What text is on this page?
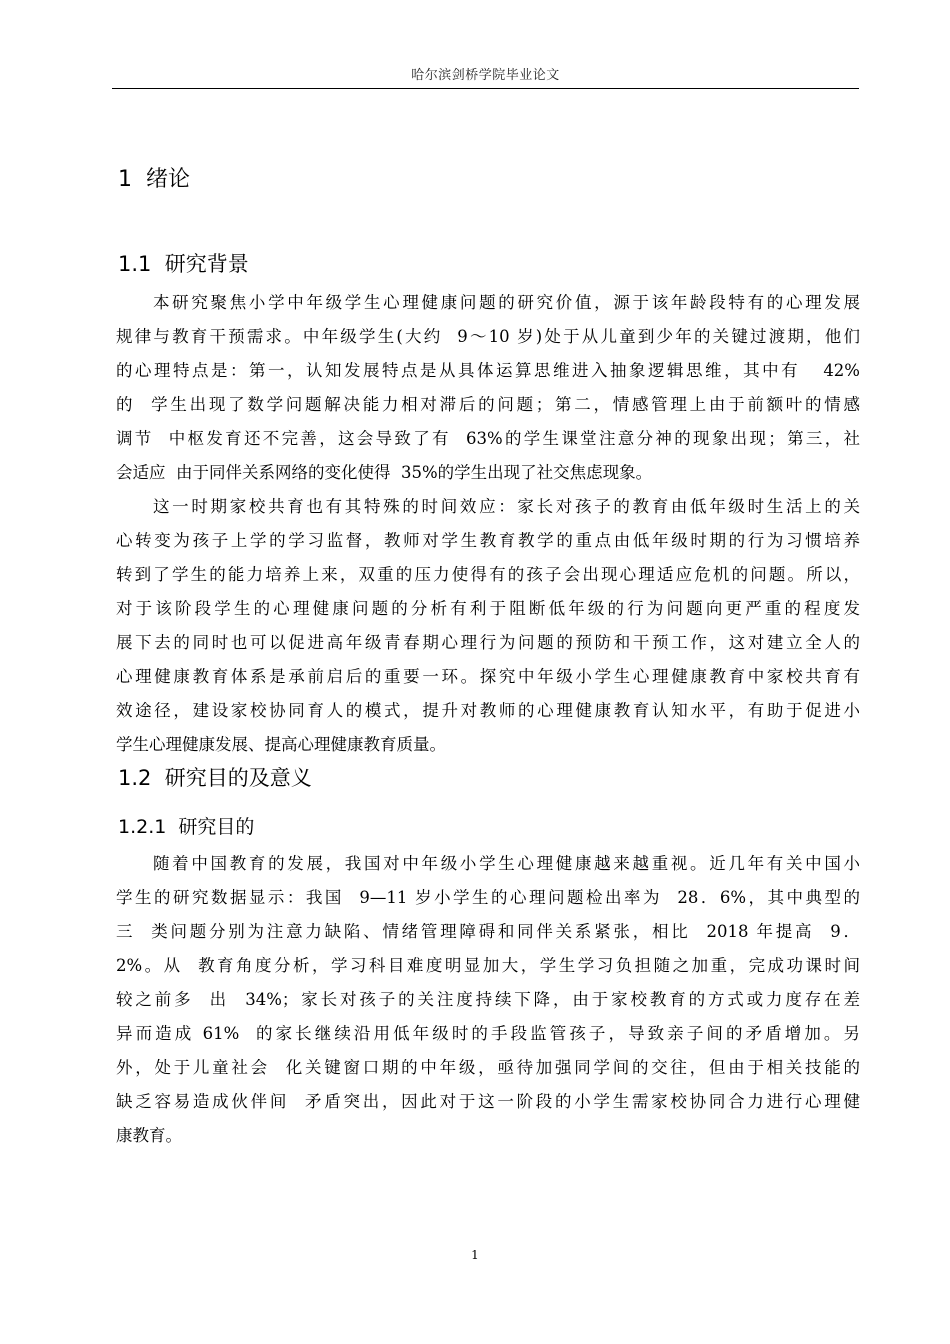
哈尔滨剑桥学院毕业论文
1  绪论
1.1  研究背景
本研究聚焦小学中年级学生心理健康问题的研究价值，源于该年龄段特有的心理发展
规律与教育干预需求。中年级学生(大约  9～10 岁)处于从儿童到少年的关键过渡期，他们
的心理特点是：第一，认知发展特点是从具体运算思维进入抽象逻辑思维，其中有   42%
的  学生出现了数学问题解决能力相对滞后的问题；第二，情感管理上由于前额叶的情感
调节  中枢发育还不完善，这会导致了有  63%的学生课堂注意分神的现象出现；第三，社
会适应  由于同伴关系网络的变化使得  35%的学生出现了社交焦虑现象。
这一时期家校共育也有其特殊的时间效应：家长对孩子的教育由低年级时生活上的关
心转变为孩子上学的学习监督，教师对学生教育教学的重点由低年级时期的行为习惯培养
转到了学生的能力培养上来，双重的压力使得有的孩子会出现心理适应危机的问题。所以，
对于该阶段学生的心理健康问题的分析有利于阻断低年级的行为问题向更严重的程度发
展下去的同时也可以促进高年级青春期心理行为问题的预防和干预工作，这对建立全人的
心理健康教育体系是承前启后的重要一环。探究中年级小学生心理健康教育中家校共育有
效途径，建设家校协同育人的模式，提升对教师的心理健康教育认知水平，有助于促进小
学生心理健康发展、提高心理健康教育质量。
1.2  研究目的及意义
1.2.1  研究目的
随着中国教育的发展，我国对中年级小学生心理健康越来越重视。近几年有关中国小
学生的研究数据显示：我国  9—11 岁小学生的心理问题检出率为  28．6%，其中典型的
三  类问题分别为注意力缺陷、情绪管理障碍和同伴关系紧张，相比  2018 年提高  9．
2%。从  教育角度分析，学习科目难度明显加大，学生学习负担随之加重，完成功课时间
较之前多  出  34%；家长对孩子的关注度持续下降，由于家校教育的方式或力度存在差
异而造成 61%  的家长继续沿用低年级时的手段监管孩子，导致亲子间的矛盾增加。另
外，处于儿童社会  化关键窗口期的中年级，亟待加强同学间的交往，但由于相关技能的
缺乏容易造成伙伴间  矛盾突出，因此对于这一阶段的小学生需家校协同合力进行心理健
康教育。
1
